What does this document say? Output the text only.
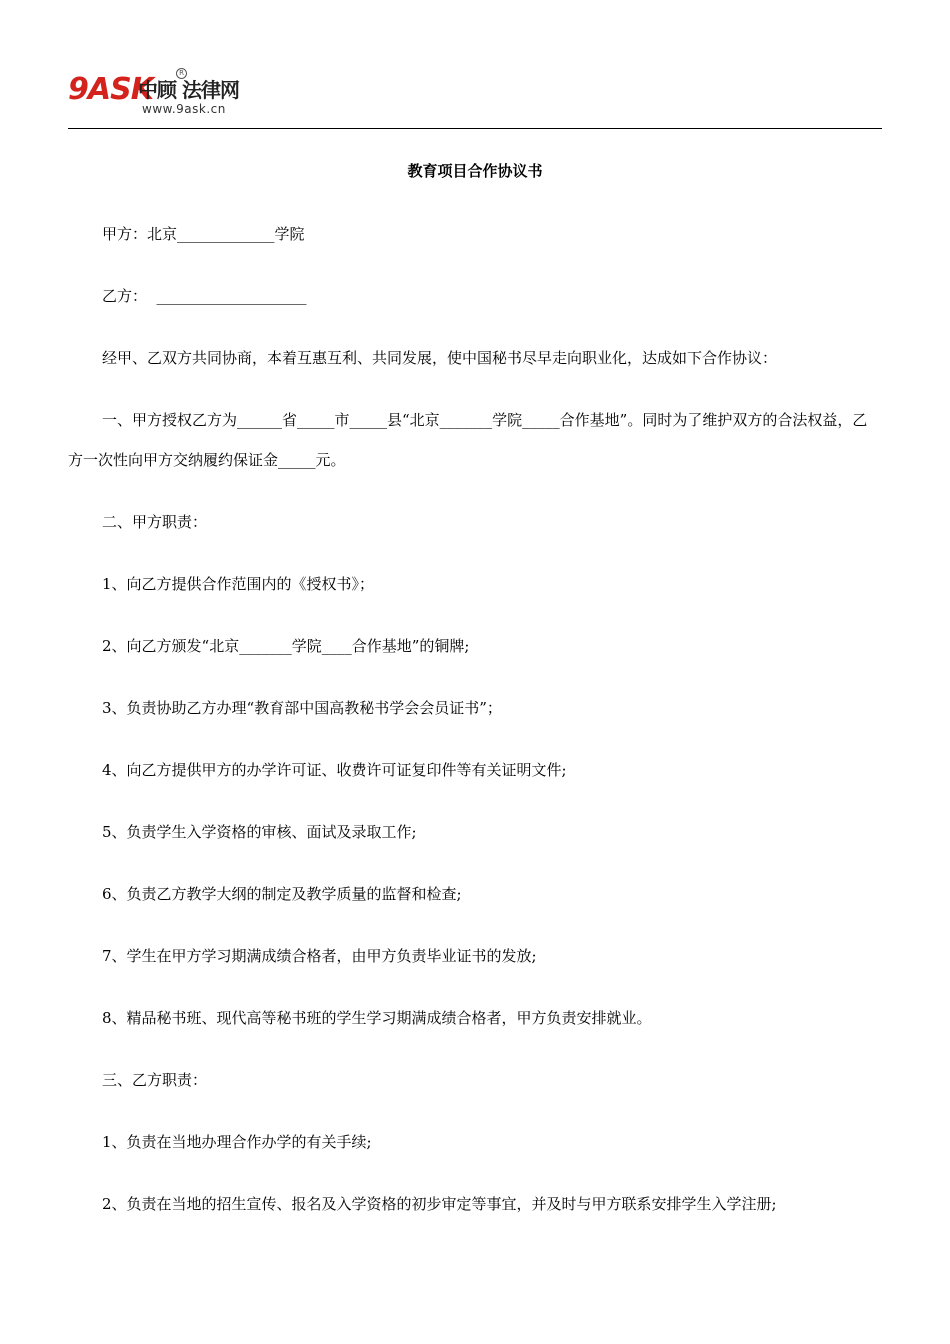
9ASK
中顾 法律网
R
www.9ask.cn
教育项目合作协议书
甲方：北京_____________学院
乙方：  ____________________
经甲、乙双方共同协商，本着互惠互利、共同发展，使中国秘书尽早走向职业化，达成如下合作协议：
一、甲方授权乙方为______省_____市_____县“北京_______学院_____合作基地”。同时为了维护双方的合法权益，乙方一次性向甲方交纳履约保证金_____元。
二、甲方职责：
1、向乙方提供合作范围内的《授权书》；
2、向乙方颁发“北京_______学院____合作基地”的铜牌;
3、负责协助乙方办理“教育部中国高教秘书学会会员证书”；
4、向乙方提供甲方的办学许可证、收费许可证复印件等有关证明文件;
5、负责学生入学资格的审核、面试及录取工作;
6、负责乙方教学大纲的制定及教学质量的监督和检查;
7、学生在甲方学习期满成绩合格者，由甲方负责毕业证书的发放;
8、精品秘书班、现代高等秘书班的学生学习期满成绩合格者，甲方负责安排就业。
三、乙方职责：
1、负责在当地办理合作办学的有关手续;
2、负责在当地的招生宣传、报名及入学资格的初步审定等事宜，并及时与甲方联系安排学生入学注册;
